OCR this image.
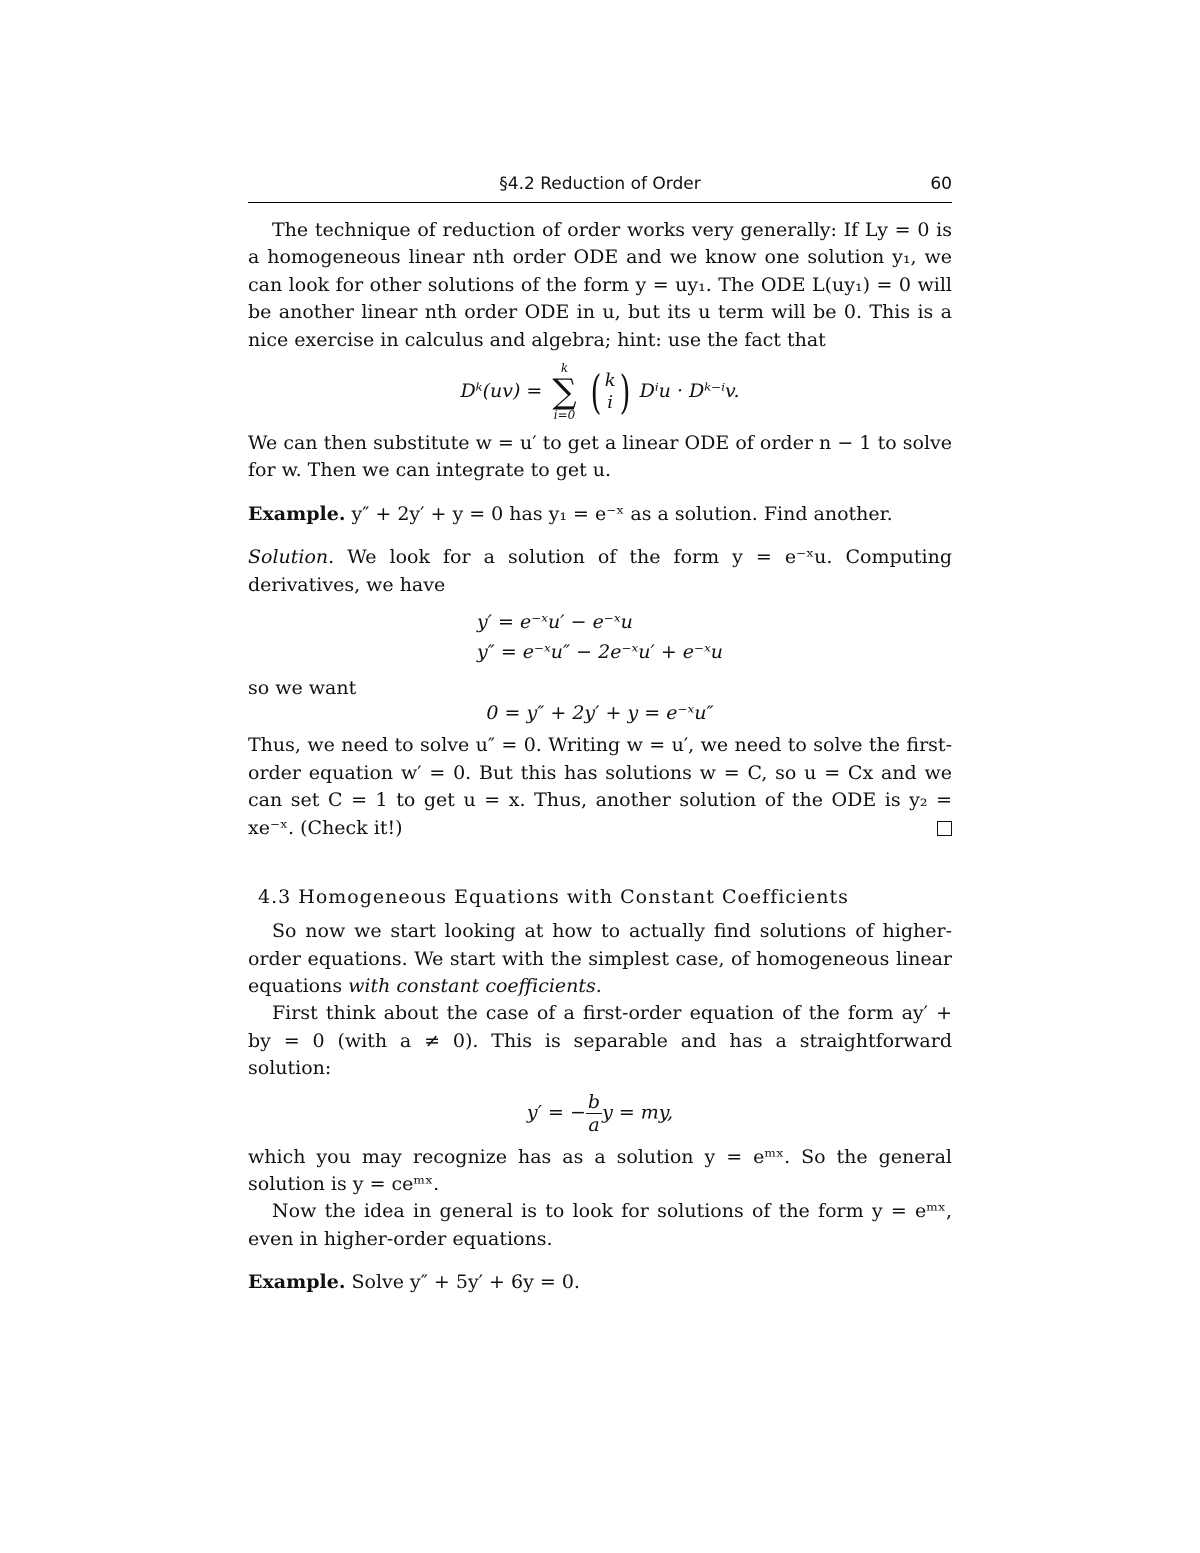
§4.2 Reduction of Order	60

The technique of reduction of order works very generally: If Ly = 0 is a homogeneous linear nth order ODE and we know one solution y₁, we can look for other solutions of the form y = uy₁. The ODE L(uy₁) = 0 will be another linear nth order ODE in u, but its u term will be 0. This is a nice exercise in calculus and algebra; hint: use the fact that

Dᵏ(uv) =
k
∑
i=0
( k
i ) Dⁱu · Dᵏ⁻ⁱv.

We can then substitute w = u′ to get a linear ODE of order n − 1 to solve for w. Then we can integrate to get u.

Example. y″ + 2y′ + y = 0 has y₁ = e⁻ˣ as a solution. Find another.

Solution. We look for a solution of the form y = e⁻ˣu. Computing derivatives, we have

y′ = e⁻ˣu′ − e⁻ˣu
y″ = e⁻ˣu″ − 2e⁻ˣu′ + e⁻ˣu

so we want

0 = y″ + 2y′ + y = e⁻ˣu″

Thus, we need to solve u″ = 0. Writing w = u′, we need to solve the first-order equation w′ = 0. But this has solutions w = C, so u = Cx and we can set C = 1 to get u = x. Thus, another solution of the ODE is y₂ = xe⁻ˣ. (Check it!)

4.3 Homogeneous Equations with Constant Coefficients

So now we start looking at how to actually find solutions of higher-order equations. We start with the simplest case, of homogeneous linear equations with constant coefficients.

First think about the case of a first-order equation of the form ay′ + by = 0 (with a ≠ 0). This is separable and has a straightforward solution:

y′ = − $\frac{b}{a}$ y = my,

which you may recognize has as a solution y = eᵐˣ. So the general solution is y = ceᵐˣ.

Now the idea in general is to look for solutions of the form y = eᵐˣ, even in higher-order equations.

Example. Solve y″ + 5y′ + 6y = 0.
